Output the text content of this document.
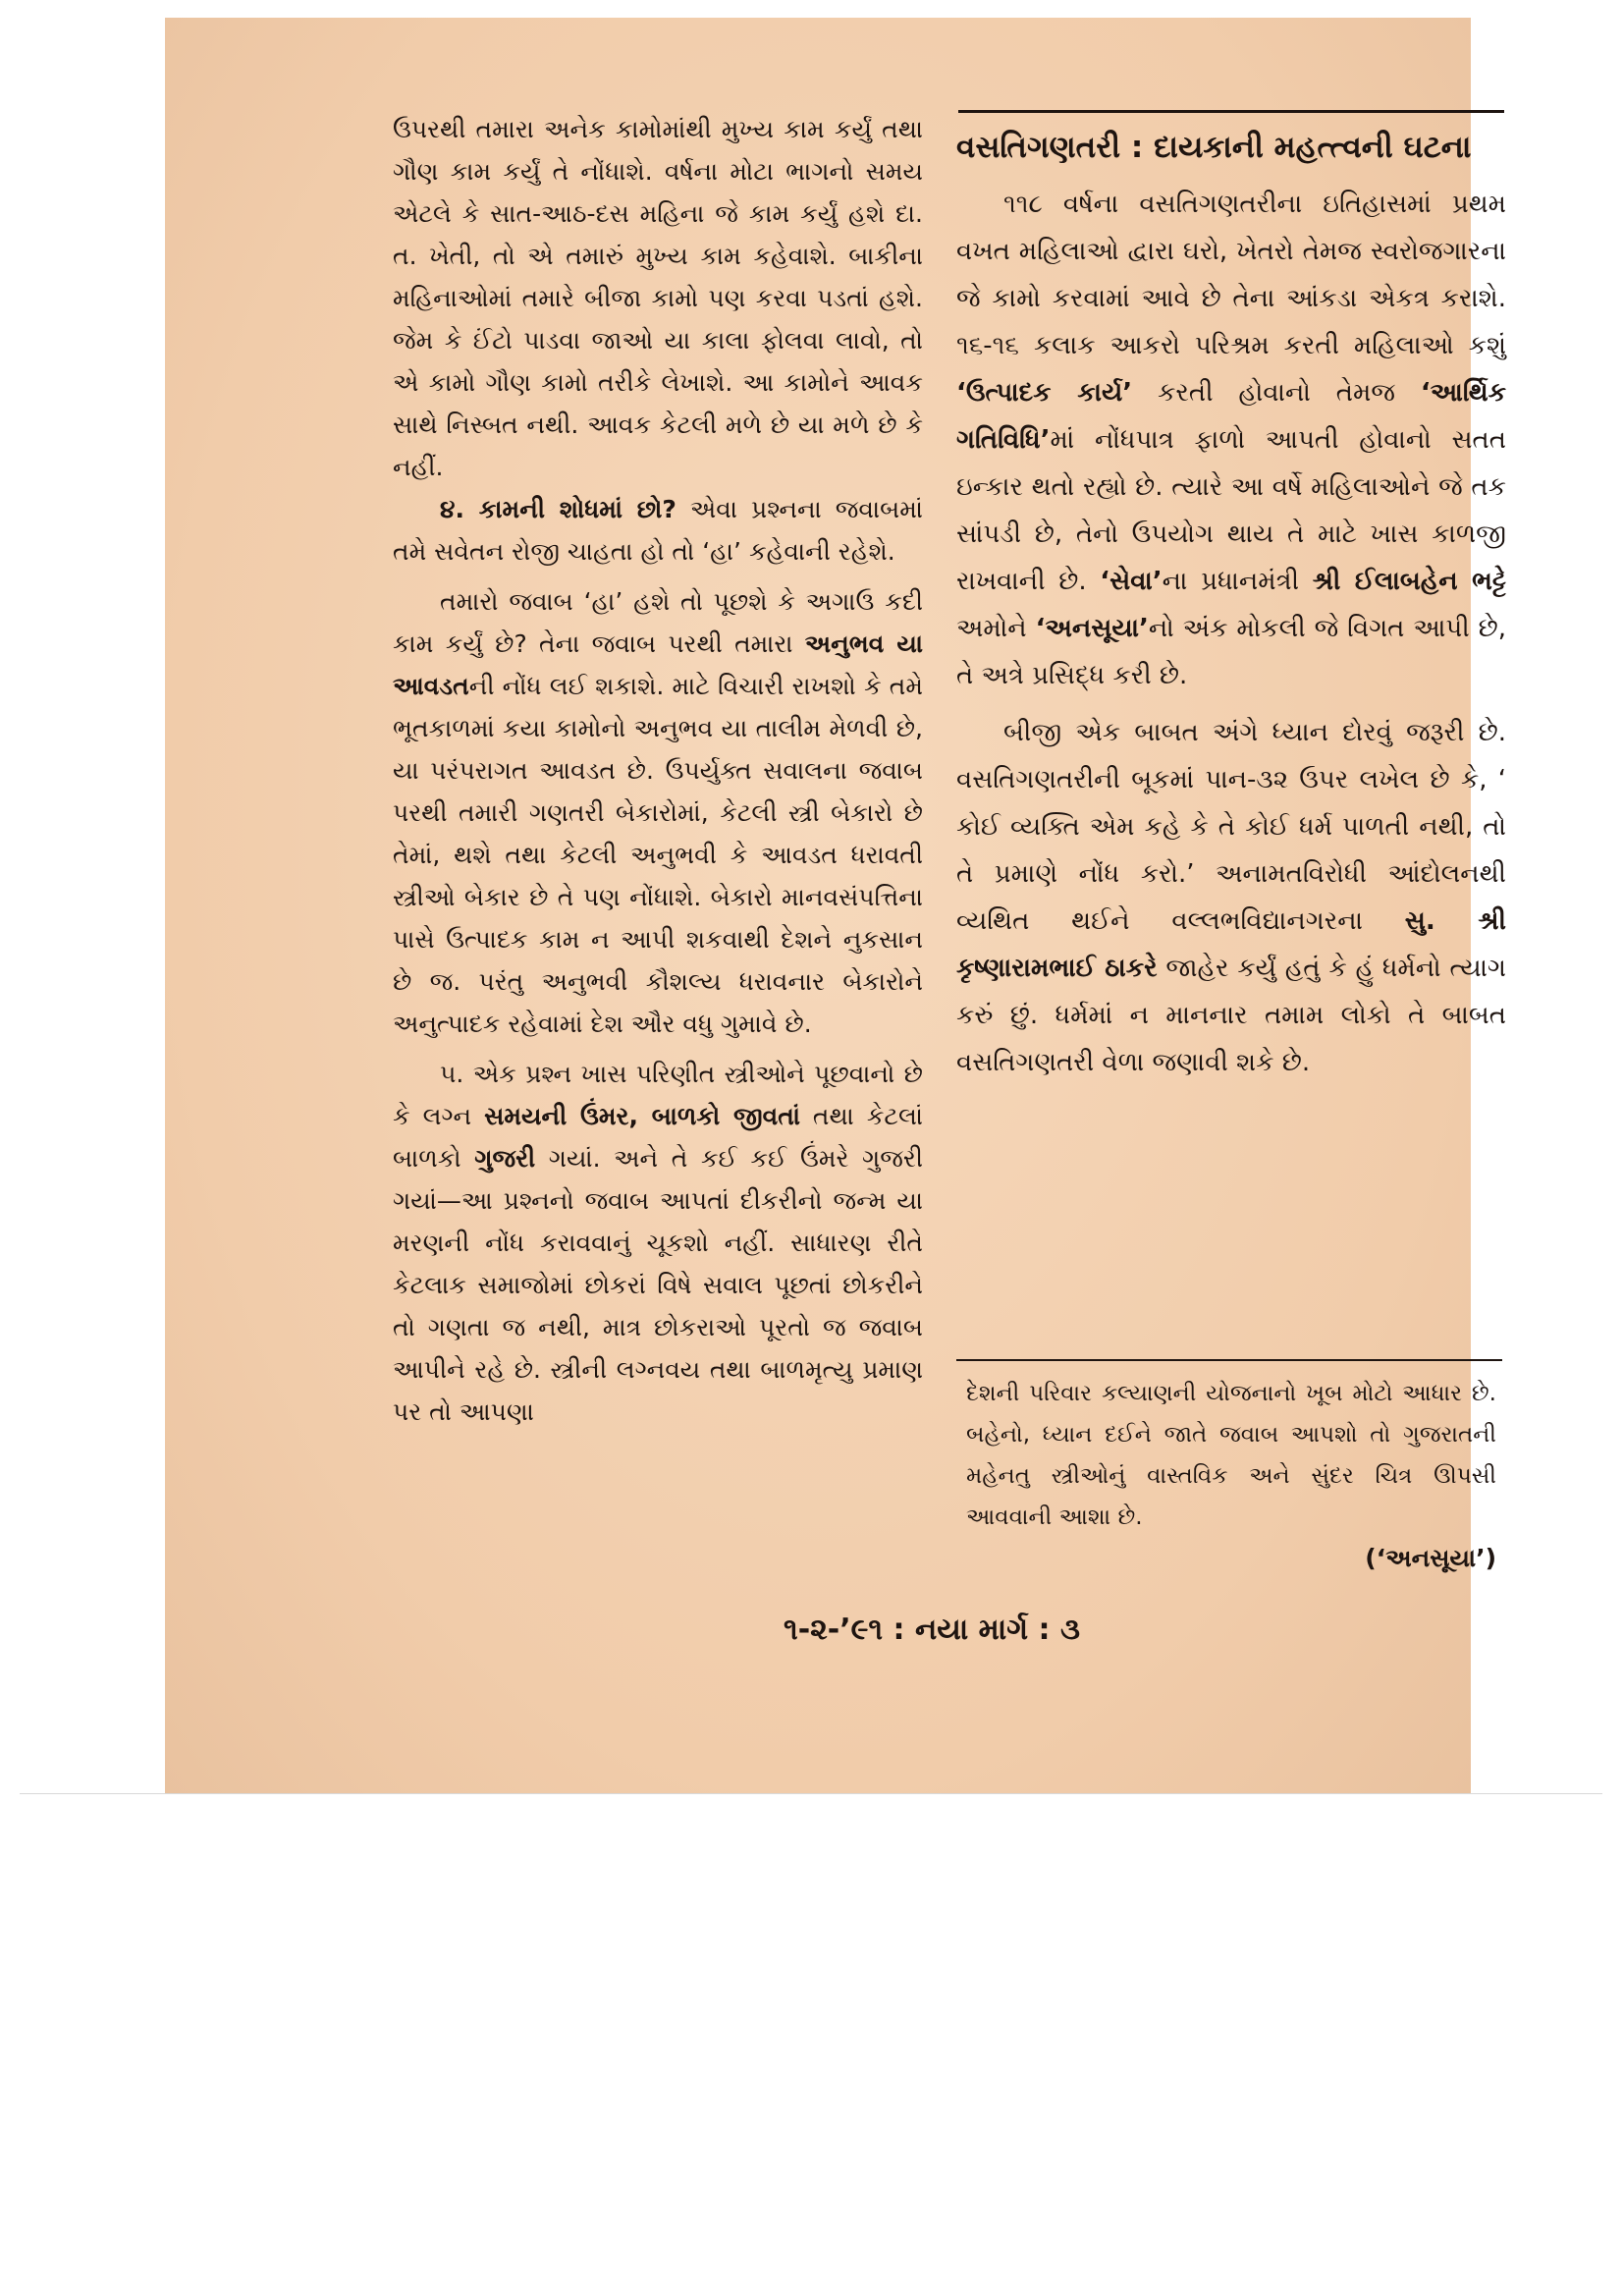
ઉપરથી તમારા અનેક કામોમાંથી મુખ્ય કામ કર્યું તથા ગૌણ કામ કર્યું તે નોંધાશે. વર્ષના મોટા ભાગનો સમય એટલે કે સાત-આઠ-દસ મહિના જે કામ કર્યું હશે દા. ત. ખેતી, તો એ તમારું મુખ્ય કામ કહેવાશે. બાકીના મહિનાઓમાં તમારે બીજા કામો પણ કરવા પડતાં હશે. જેમ કે ઈંટો પાડવા જાઓ યા કાલા ફોલવા લાવો, તો એ કામો ગૌણ કામો તરીકે લેખાશે. આ કામોને આવક સાથે નિસ્બત નથી. આવક કેટલી મળે છે યા મળે છે કે નહીં.

૪. કામની શોધમાં છો? એવા પ્રશ્નના જવાબમાં તમે સવેતન રોજી ચાહતા હો તો ‘હા’ કહેવાની રહેશે.

તમારો જવાબ ‘હા’ હશે તો પૂછશે કે અગાઉ કદી કામ કર્યું છે? તેના જવાબ પરથી તમારા અનુભવ યા આવડતની નોંધ લઈ શકાશે. માટે વિચારી રાખશો કે તમે ભૂતકાળમાં કયા કામોનો અનુભવ યા તાલીમ મેળવી છે, યા પરંપરાગત આવડત છે. ઉપર્યુક્ત સવાલના જવાબ પરથી તમારી ગણતરી બેકારોમાં, કેટલી સ્ત્રી બેકારો છે તેમાં, થશે તથા કેટલી અનુભવી કે આવડત ધરાવતી સ્ત્રીઓ બેકાર છે તે પણ નોંધાશે. બેકારો માનવસંપત્તિના પાસે ઉત્પાદક કામ ન આપી શકવાથી દેશને નુકસાન છે જ. પરંતુ અનુભવી કૌશલ્ય ધરાવનાર બેકારોને અનુત્પાદક રહેવામાં દેશ ઔર વધુ ગુમાવે છે.

૫. એક પ્રશ્ન ખાસ પરિણીત સ્ત્રીઓને પૂછવાનો છે કે લગ્ન સમયની ઉંમર, બાળકો જીવતાં તથા કેટલાં બાળકો ગુજરી ગયાં. અને તે કઈ કઈ ઉંમરે ગુજરી ગયાં—આ પ્રશ્નનો જવાબ આપતાં દીકરીનો જન્મ યા મરણની નોંધ કરાવવાનું ચૂકશો નહીં. સાધારણ રીતે કેટલાક સમાજોમાં છોકરાં વિષે સવાલ પૂછતાં છોકરીને તો ગણતા જ નથી, માત્ર છોકરાઓ પૂરતો જ જવાબ આપીને રહે છે. સ્ત્રીની લગ્નવય તથા બાળમૃત્યુ પ્રમાણ પર તો આપણા

વસતિગણતરી : દાયકાની મહત્ત્વની ઘટના

૧૧૮ વર્ષના વસતિગણતરીના ઇતિહાસમાં પ્રથમ વખત મહિલાઓ દ્વારા ઘરો, ખેતરો તેમજ સ્વરોજગારના જે કામો કરવામાં આવે છે તેના આંકડા એકત્ર કરાશે. ૧૬-૧૬ કલાક આકરો પરિશ્રમ કરતી મહિલાઓ કશું ‘ઉત્પાદક કાર્ય’ કરતી હોવાનો તેમજ ‘આર્થિક ગતિવિધિ’માં નોંધપાત્ર ફાળો આપતી હોવાનો સતત ઇન્કાર થતો રહ્યો છે. ત્યારે આ વર્ષે મહિલાઓને જે તક સાંપડી છે, તેનો ઉપયોગ થાય તે માટે ખાસ કાળજી રાખવાની છે. ‘સેવા’ના પ્રધાનમંત્રી શ્રી ઈલાબહેન ભટ્ટે અમોને ‘અનસૂયા’નો અંક મોકલી જે વિગત આપી છે, તે અત્રે પ્રસિદ્ધ કરી છે.

બીજી એક બાબત અંગે ધ્યાન દોરવું જરૂરી છે. વસતિગણતરીની બૂકમાં પાન-૩૨ ઉપર લખેલ છે કે, ‘ કોઈ વ્યક્તિ એમ કહે કે તે કોઈ ધર્મ પાળતી નથી, તો તે પ્રમાણે નોંધ કરો.’ અનામતવિરોધી આંદોલનથી વ્યથિત થઈને વલ્લભવિદ્યાનગરના સુ. શ્રી કૃષ્ણારામભાઈ ઠાકરે જાહેર કર્યું હતું કે હું ધર્મનો ત્યાગ કરું છું. ધર્મમાં ન માનનાર તમામ લોકો તે બાબત વસતિગણતરી વેળા જણાવી શકે છે.

દેશની પરિવાર કલ્યાણની યોજનાનો ખૂબ મોટો આધાર છે. બહેનો, ધ્યાન દઈને જાતે જવાબ આપશો તો ગુજરાતની મહેનતુ સ્ત્રીઓનું વાસ્તવિક અને સુંદર ચિત્ર ઊપસી આવવાની આશા છે.

(‘અનસૂયા’)
૧-૨-’૯૧ : નયા માર્ગ : ૩
